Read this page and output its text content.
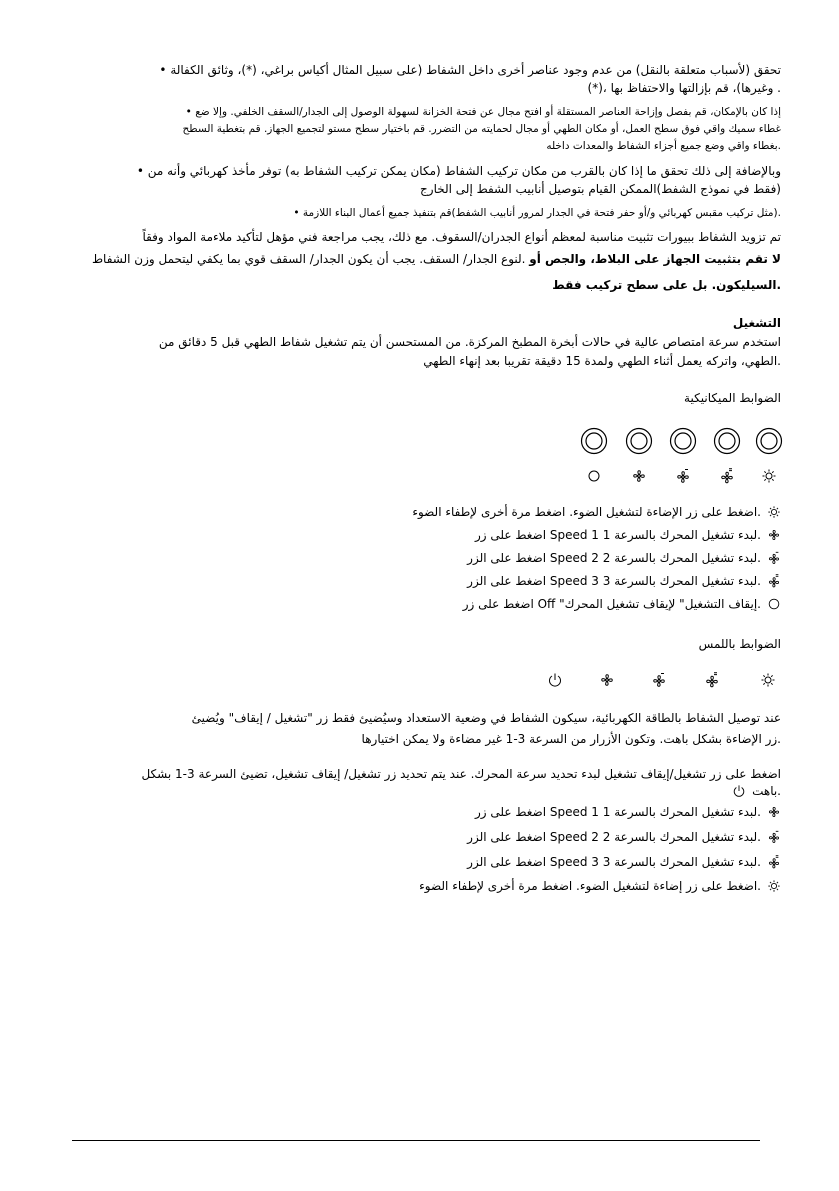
تحقق (لأسباب متعلقة بالنقل) من عدم وجود عناصر أخرى داخل الشفاط (على سبيل المثال أكياس براغي، (*)، وثائق الكفالة •
. وغيرها)، قم بإزالتها والاحتفاظ بها ،(*)
إذا كان بالإمكان، قم بفصل وإزاحة العناصر المستقلة أو افتح مجال عن فتحة الخزانة لسهولة الوصول إلى الجدار/السقف الخلفي. وإلا ضع •
غطاء سميك واقي فوق سطح العمل، أو مكان الطهي أو مجال لحمايته من التضرر. قم باختيار سطح مستو لتجميع الجهاز. قم بتغطية السطح
.بغطاء واقي وضع جميع أجزاء الشفاط والمعدات داخله
وبالإضافة إلى ذلك تحقق ما إذا كان بالقرب من مكان تركيب الشفاط (مكان يمكن تركيب الشفاط به) توفر مأخذ كهربائي وأنه من •
(فقط في نموذج الشفط)الممكن القيام بتوصيل أنابيب الشفط إلى الخارج
.(مثل تركيب مقبس كهربائي و/أو حفر فتحة في الجدار لمرور أنابيب الشفط)قم بتنفيذ جميع أعمال البناء اللازمة •
تم تزويد الشفاط ببيورات تثبيت مناسبة لمعظم أنواع الجدران/السقوف. مع ذلك، يجب مراجعة فني مؤهل لتأكيد ملاءمة المواد وفقاً
لا تقم بتثبيت الجهاز على البلاط، والجص أو .لنوع الجدار/ السقف. يجب أن يكون الجدار/ السقف قوي بما يكفي ليتحمل وزن الشفاط
.السيليكون. بل على سطح تركيب فقط
التشغيل
استخدم سرعة امتصاص عالية في حالات أبخرة المطبخ المركزة. من المستحسن أن يتم تشغيل شفاط الطهي قبل 5 دقائق من
.الطهي، واتركه يعمل أثناء الطهي ولمدة 15 دقيقة تقريبا بعد إنهاء الطهي
الضوابط الميكانيكية
.اضغط على زر الإضاءة لتشغيل الضوء. اضغط مرة أخرى لإطفاء الضوء
.لبدء تشغيل المحرك بالسرعة 1 Speed 1 اضغط على زر
.لبدء تشغيل المحرك بالسرعة 2 Speed 2 اضغط على الزر
.لبدء تشغيل المحرك بالسرعة 3 Speed 3 اضغط على الزر
.إيقاف التشغيل" لإيقاف تشغيل المحرك" Off اضغط على زر
الضوابط باللمس
عند توصيل الشفاط بالطاقة الكهربائية، سيكون الشفاط في وضعية الاستعداد وسيُضيئ فقط زر "تشغيل / إيقاف" ويُضيئ
.زر الإضاءة بشكل باهت. وتكون الأزرار من السرعة 3-1 غير مضاءة ولا يمكن اختيارها
اضغط على زر تشغيل/إيقاف تشغيل لبدء تحديد سرعة المحرك. عند يتم تحديد زر تشغيل/ إيقاف تشغيل، تضيئ السرعة 3-1 بشكل
.باهت
.لبدء تشغيل المحرك بالسرعة 1 Speed 1 اضغط على زر
.لبدء تشغيل المحرك بالسرعة 2 Speed 2 اضغط على الزر
.لبدء تشغيل المحرك بالسرعة 3 Speed 3 اضغط على الزر
.اضغط على زر إضاءة لتشغيل الضوء. اضغط مرة أخرى لإطفاء الضوء
